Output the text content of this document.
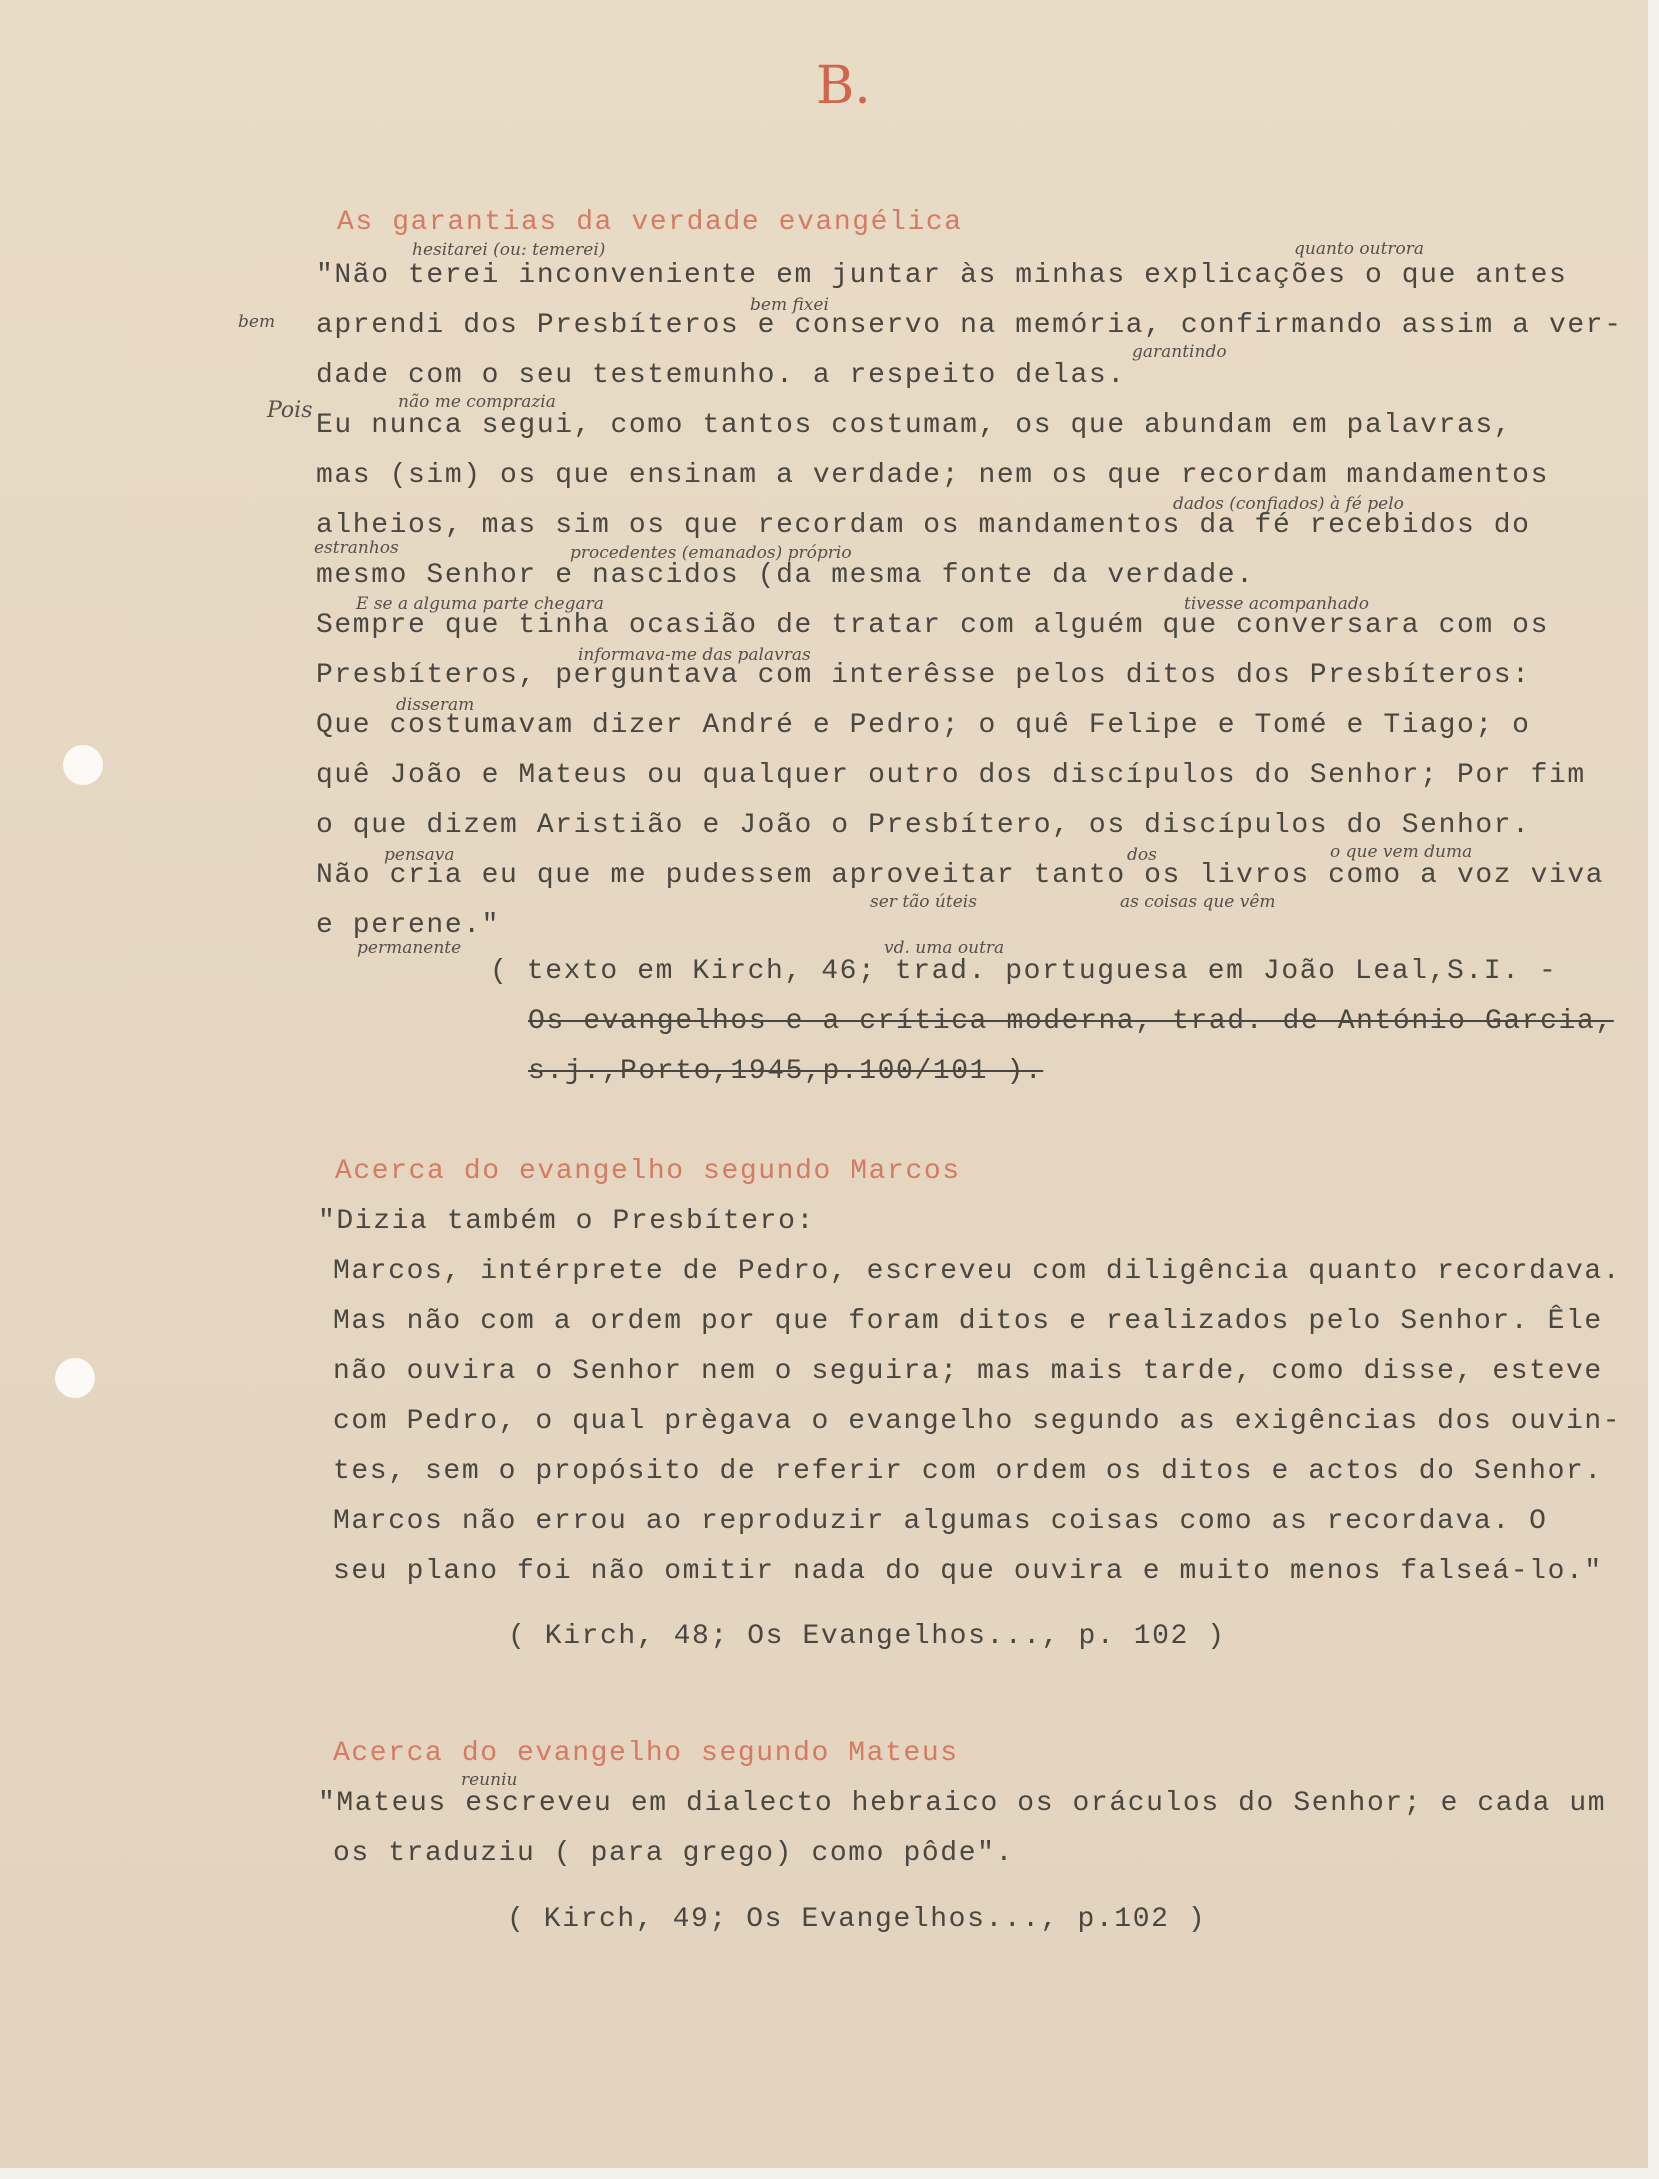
B.
As garantias da verdade evangélica
hesitarei (ou: temerei)	quanto outrora
"Não terei inconveniente em juntar às minhas explicações o que antes
bem
bem fixei
aprendi dos Presbíteros e conservo na memória, confirmando assim a ver-
garantindo
dade com o seu testemunho. a respeito delas.
Pois	não me comprazia
Eu nunca segui, como tantos costumam, os que abundam em palavras,
mas (sim) os que ensinam a verdade; nem os que recordam mandamentos
dados (confiados) à fé pelo
alheios, mas sim os que recordam os mandamentos da fé recebidos do
estranhos	procedentes (emanados) próprio
mesmo Senhor e nascidos (da mesma fonte da verdade.
E se a alguma parte chegara	tivesse acompanhado
Sempre que tinha ocasião de tratar com alguém que conversara com os
informava-me das palavras
Presbíteros, perguntava com interêsse pelos ditos dos Presbíteros:
disseram
Que costumavam dizer André e Pedro; o quê Felipe e Tomé e Tiago; o
quê João e Mateus ou qualquer outro dos discípulos do Senhor; Por fim
o que dizem Aristião e João o Presbítero, os discípulos do Senhor.
pensava	dos	o que vem duma
Não cria eu que me pudessem aproveitar tanto os livros como a voz viva
ser tão úteis	as coisas que vêm
vd. uma outra
e perene."
permanente
( texto em Kirch, 46; trad. portuguesa em João Leal,S.I. -
Os evangelhos e a crítica moderna, trad. de António Garcia,
s.j.,Porto,1945,p.100/101 ).
Acerca do evangelho segundo Marcos
"Dizia também o Presbítero:
Marcos, intérprete de Pedro, escreveu com diligência quanto recordava.
Mas não com a ordem por que foram ditos e realizados pelo Senhor. Êle
não ouvira o Senhor nem o seguira; mas mais tarde, como disse, esteve
com Pedro, o qual prègava o evangelho segundo as exigências dos ouvin-
tes, sem o propósito de referir com ordem os ditos e actos do Senhor.
Marcos não errou ao reproduzir algumas coisas como as recordava. O
seu plano foi não omitir nada do que ouvira e muito menos falseá-lo."
( Kirch, 48; Os Evangelhos..., p. 102 )
Acerca do evangelho segundo Mateus
reuniu
"Mateus escreveu em dialecto hebraico os oráculos do Senhor; e cada um
os traduziu ( para grego) como pôde".
( Kirch, 49; Os Evangelhos..., p.102 )
